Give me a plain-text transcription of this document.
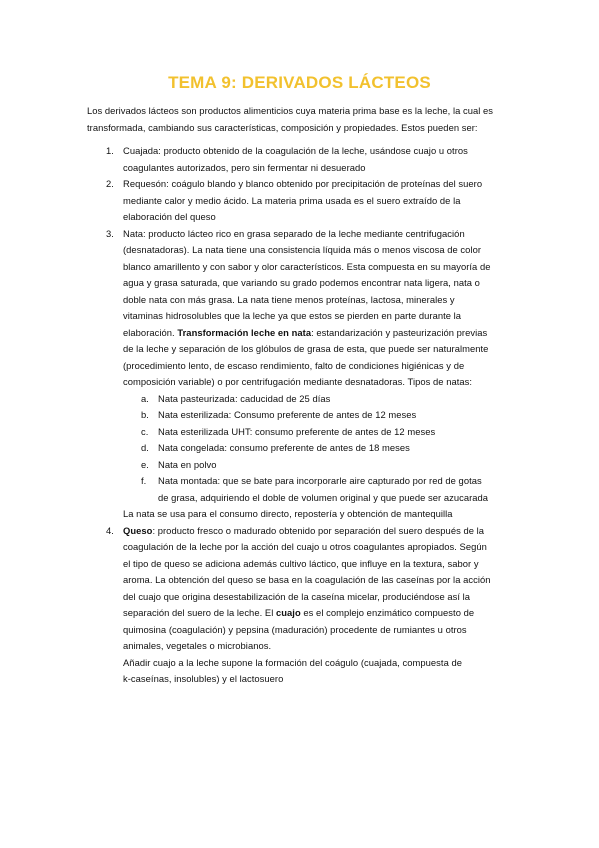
TEMA 9: DERIVADOS LÁCTEOS
Los derivados lácteos son productos alimenticios cuya materia prima base es la leche, la cual es
transformada, cambiando sus características, composición y propiedades. Estos pueden ser:
1. Cuajada: producto obtenido de la coagulación de la leche, usándose cuajo u otros
coagulantes autorizados, pero sin fermentar ni desuerado
2. Requesón: coágulo blando y blanco obtenido por precipitación de proteínas del suero
mediante calor y medio ácido. La materia prima usada es el suero extraído de la
elaboración del queso
3. Nata: producto lácteo rico en grasa separado de la leche mediante centrifugación
(desnatadoras). La nata tiene una consistencia líquida más o menos viscosa de color
blanco amarillento y con sabor y olor característicos. Esta compuesta en su mayoría de
agua y grasa saturada, que variando su grado podemos encontrar nata ligera, nata o
doble nata con más grasa. La nata tiene menos proteínas, lactosa, minerales y
vitaminas hidrosolubles que la leche ya que estos se pierden en parte durante la
elaboración. Transformación leche en nata: estandarización y pasteurización previas
de la leche y separación de los glóbulos de grasa de esta, que puede ser naturalmente
(procedimiento lento, de escaso rendimiento, falto de condiciones higiénicas y de
composición variable) o por centrifugación mediante desnatadoras. Tipos de natas:
a. Nata pasteurizada: caducidad de 25 días
b. Nata esterilizada: Consumo preferente de antes de 12 meses
c. Nata esterilizada UHT: consumo preferente de antes de 12 meses
d. Nata congelada: consumo preferente de antes de 18 meses
e. Nata en polvo
f. Nata montada: que se bate para incorporarle aire capturado por red de gotas
de grasa, adquiriendo el doble de volumen original y que puede ser azucarada
La nata se usa para el consumo directo, repostería y obtención de mantequilla
4. Queso: producto fresco o madurado obtenido por separación del suero después de la
coagulación de la leche por la acción del cuajo u otros coagulantes apropiados. Según
el tipo de queso se adiciona además cultivo láctico, que influye en la textura, sabor y
aroma. La obtención del queso se basa en la coagulación de las caseínas por la acción
del cuajo que origina desestabilización de la caseína micelar, produciéndose así la
separación del suero de la leche. El cuajo es el complejo enzimático compuesto de
quimosina (coagulación) y pepsina (maduración) procedente de rumiantes u otros
animales, vegetales o microbianos.
Añadir cuajo a la leche supone la formación del coágulo (cuajada, compuesta de
k-caseínas, insolubles) y el lactosuero
